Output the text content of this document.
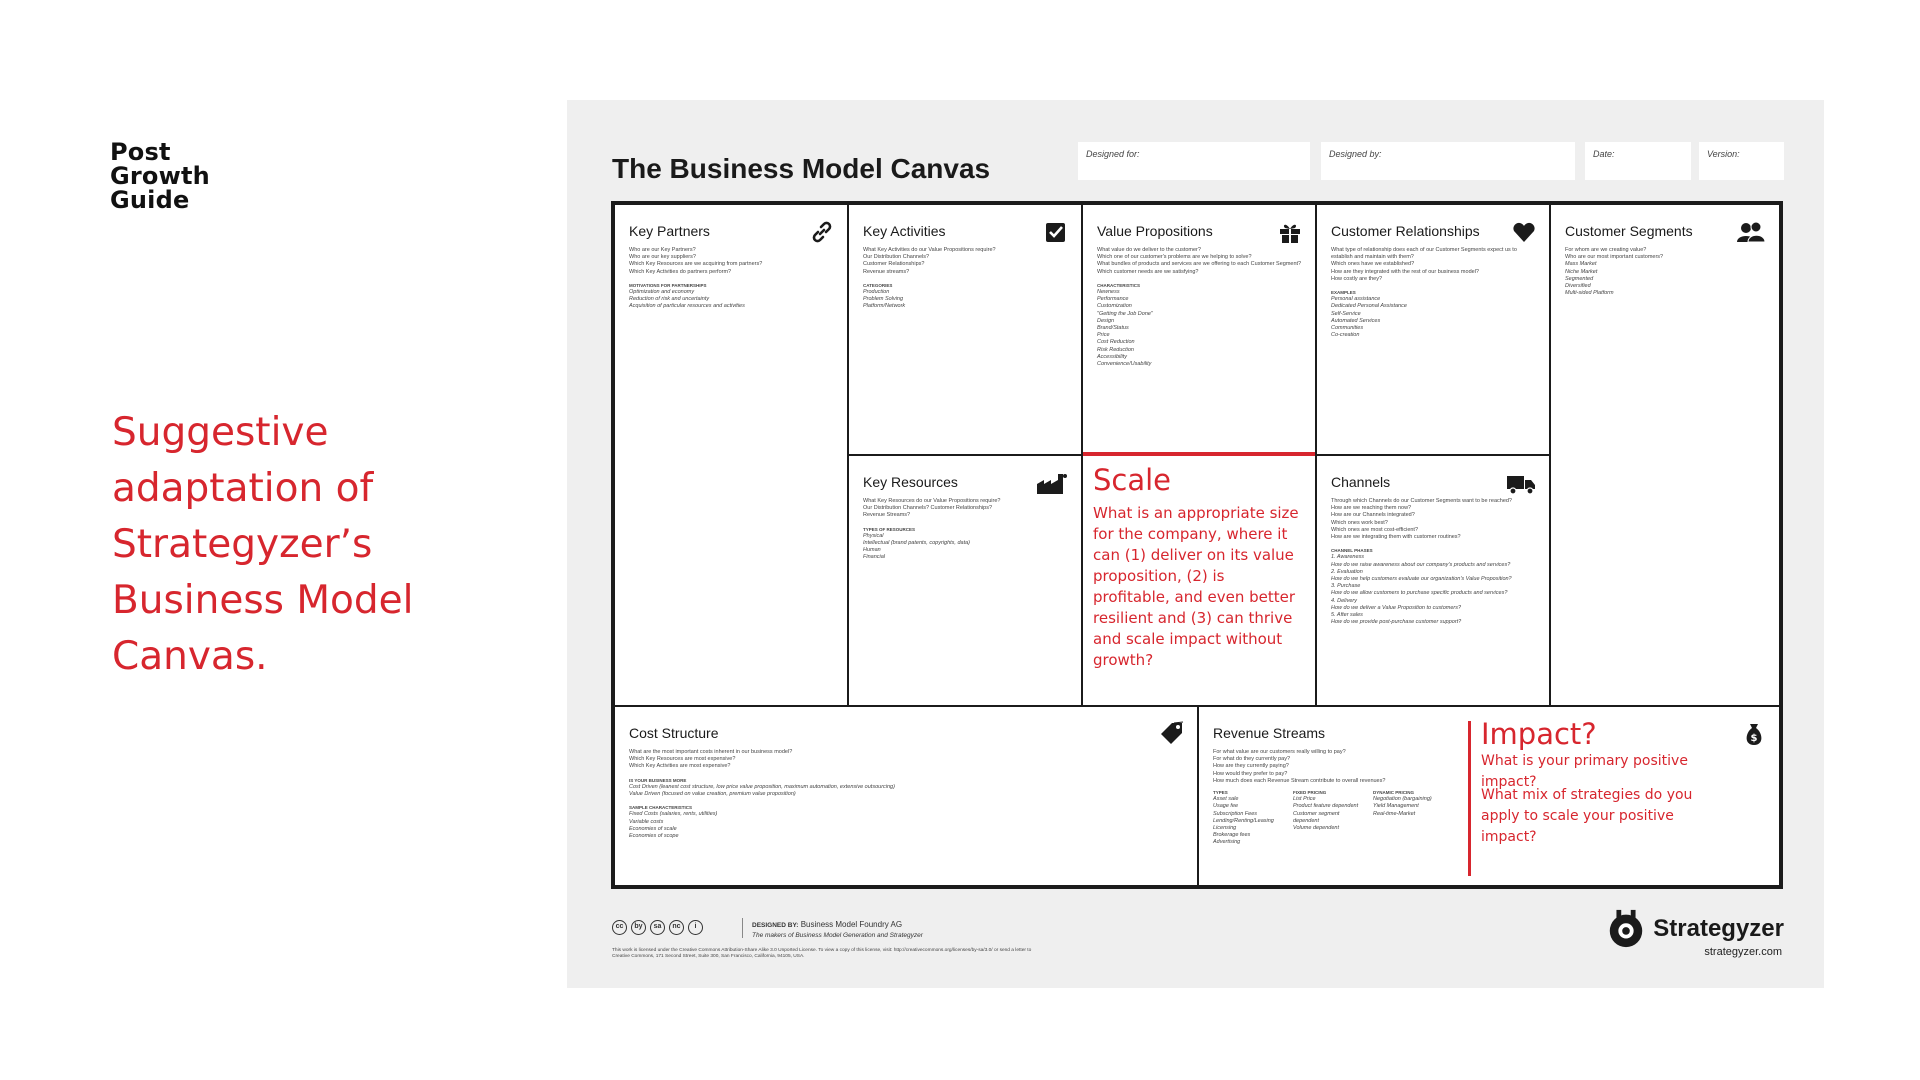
Post
Growth
Guide
Suggestive adaptation of Strategyzer’s Business Model Canvas.
The Business Model Canvas	Designed for:	Designed by:	Date:	Version:
Key Partners
Who are our Key Partners?
Who are our key suppliers?
Which Key Resources are we acquiring from partners?
Which Key Activities do partners perform?
MOTIVATIONS FOR PARTNERSHIPS
Optimization and economy
Reduction of risk and uncertainty
Acquisition of particular resources and activities
Key Activities
What Key Activities do our Value Propositions require?
Our Distribution Channels?
Customer Relationships?
Revenue streams?
CATEGORIES
Production
Problem Solving
Platform/Network
Key Resources
What Key Resources do our Value Propositions require?
Our Distribution Channels? Customer Relationships?
Revenue Streams?
TYPES OF RESOURCES
Physical
Intellectual (brand patents, copyrights, data)
Human
Financial
Value Propositions
What value do we deliver to the customer?
Which one of our customer's problems are we helping to solve?
What bundles of products and services are we offering to each Customer Segment?
Which customer needs are we satisfying?
CHARACTERISTICS
Newness
Performance
Customization
"Getting the Job Done"
Design
Brand/Status
Price
Cost Reduction
Risk Reduction
Accessibility
Convenience/Usability
Scale
What is an appropriate size for the company, where it can (1) deliver on its value proposition, (2) is profitable, and even better resilient and (3) can thrive and scale impact without growth?
Customer Relationships
What type of relationship does each of our Customer Segments expect us to establish and maintain with them?
Which ones have we established?
How are they integrated with the rest of our business model?
How costly are they?
EXAMPLES
Personal assistance
Dedicated Personal Assistance
Self-Service
Automated Services
Communities
Co-creation
Channels
Through which Channels do our Customer Segments want to be reached?
How are we reaching them now?
How are our Channels integrated?
Which ones work best?
Which ones are most cost-efficient?
How are we integrating them with customer routines?
CHANNEL PHASES
1. Awareness
How do we raise awareness about our company's products and services?
2. Evaluation
How do we help customers evaluate our organization's Value Proposition?
3. Purchase
How do we allow customers to purchase specific products and services?
4. Delivery
How do we deliver a Value Proposition to customers?
5. After sales
How do we provide post-purchase customer support?
Customer Segments
For whom are we creating value?
Who are our most important customers?
Mass Market
Niche Market
Segmented
Diversified
Multi-sided Platform
Cost Structure
What are the most important costs inherent in our business model?
Which Key Resources are most expensive?
Which Key Activities are most expensive?
IS YOUR BUSINESS MORE
Cost Driven (leanest cost structure, low price value proposition, maximum automation, extensive outsourcing)
Value Driven (focused on value creation, premium value proposition)
SAMPLE CHARACTERISTICS
Fixed Costs (salaries, rents, utilities)
Variable costs
Economies of scale
Economies of scope
Revenue Streams
For what value are our customers really willing to pay?
For what do they currently pay?
How are they currently paying?
How would they prefer to pay?
How much does each Revenue Stream contribute to overall revenues?
TYPES
Asset sale
Usage fee
Subscription Fees
Lending/Renting/Leasing
Licensing
Brokerage fees
Advertising
FIXED PRICING
List Price
Product feature dependent
Customer segment
dependent
Volume dependent
DYNAMIC PRICING
Negotiation (bargaining)
Yield Management
Real-time-Market
Impact?	$
What is your primary positive impact?
What mix of strategies do you apply to scale your positive impact?
cc	by	sa	nc	i	DESIGNED BY: Business Model Foundry AG
The makers of Business Model Generation and Strategyzer
This work is licensed under the Creative Commons Attribution-Share Alike 3.0 Unported License. To view a copy of this license, visit: http://creativecommons.org/licenses/by-sa/3.0/ or send a letter to Creative Commons, 171 Second Street, Suite 300, San Francisco, California, 94105, USA.
Strategyzer
strategyzer.com
